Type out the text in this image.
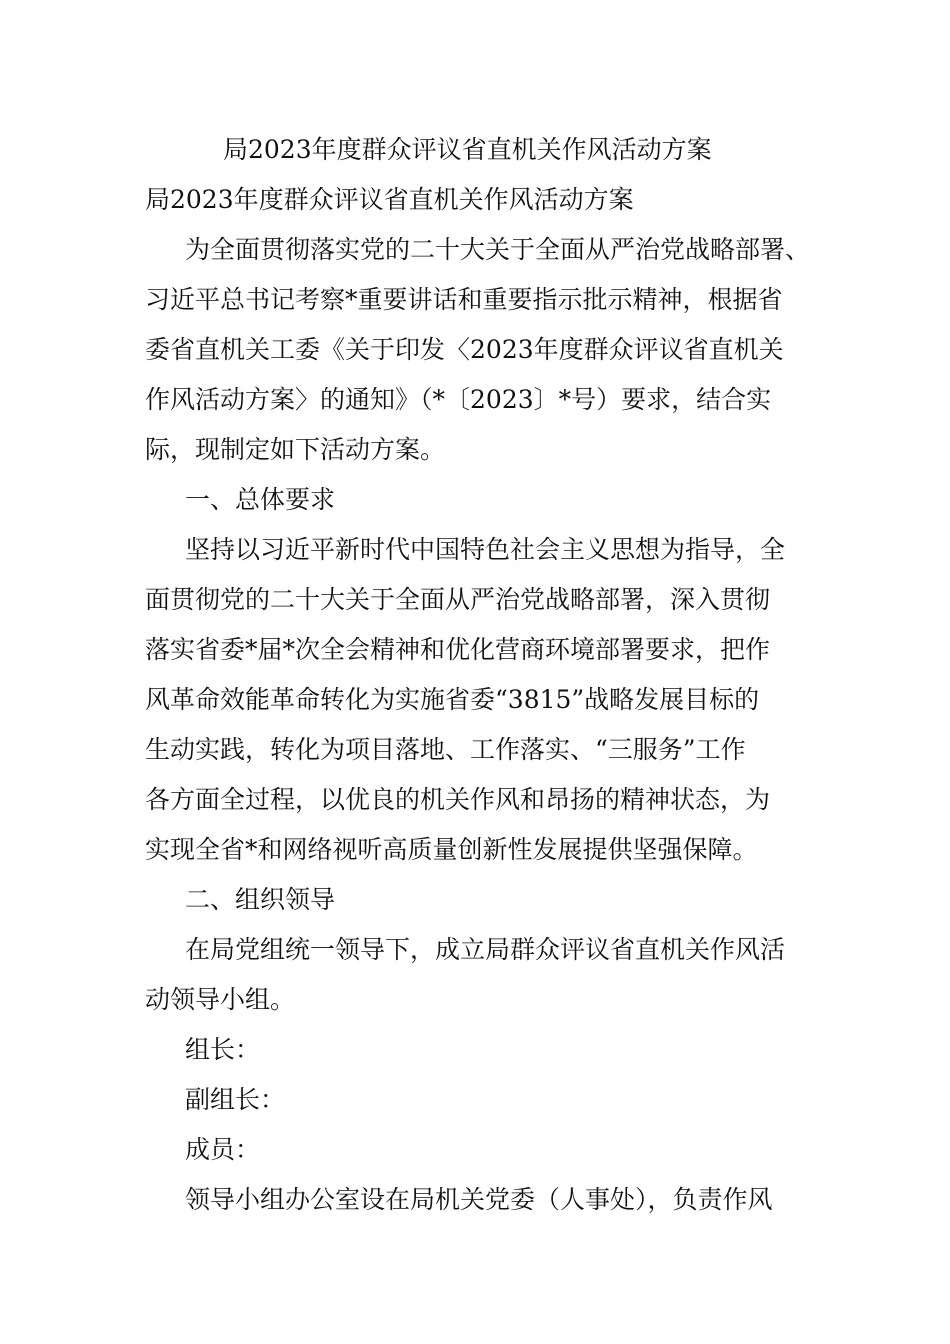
局2023年度群众评议省直机关作风活动方案
局2023年度群众评议省直机关作风活动方案
为全面贯彻落实党的二十大关于全面从严治党战略部署、
习近平总书记考察*重要讲话和重要指示批示精神，根据省
委省直机关工委《关于印发〈2023年度群众评议省直机关
作风活动方案〉的通知》（*〔2023〕*号）要求，结合实
际，现制定如下活动方案。
一、总体要求
坚持以习近平新时代中国特色社会主义思想为指导，全
面贯彻党的二十大关于全面从严治党战略部署，深入贯彻
落实省委*届*次全会精神和优化营商环境部署要求，把作
风革命效能革命转化为实施省委“3815”战略发展目标的
生动实践，转化为项目落地、工作落实、“三服务”工作
各方面全过程，以优良的机关作风和昂扬的精神状态，为
实现全省*和网络视听高质量创新性发展提供坚强保障。
二、组织领导
在局党组统一领导下，成立局群众评议省直机关作风活
动领导小组。
组长：
副组长：
成员：
领导小组办公室设在局机关党委（人事处），负责作风
